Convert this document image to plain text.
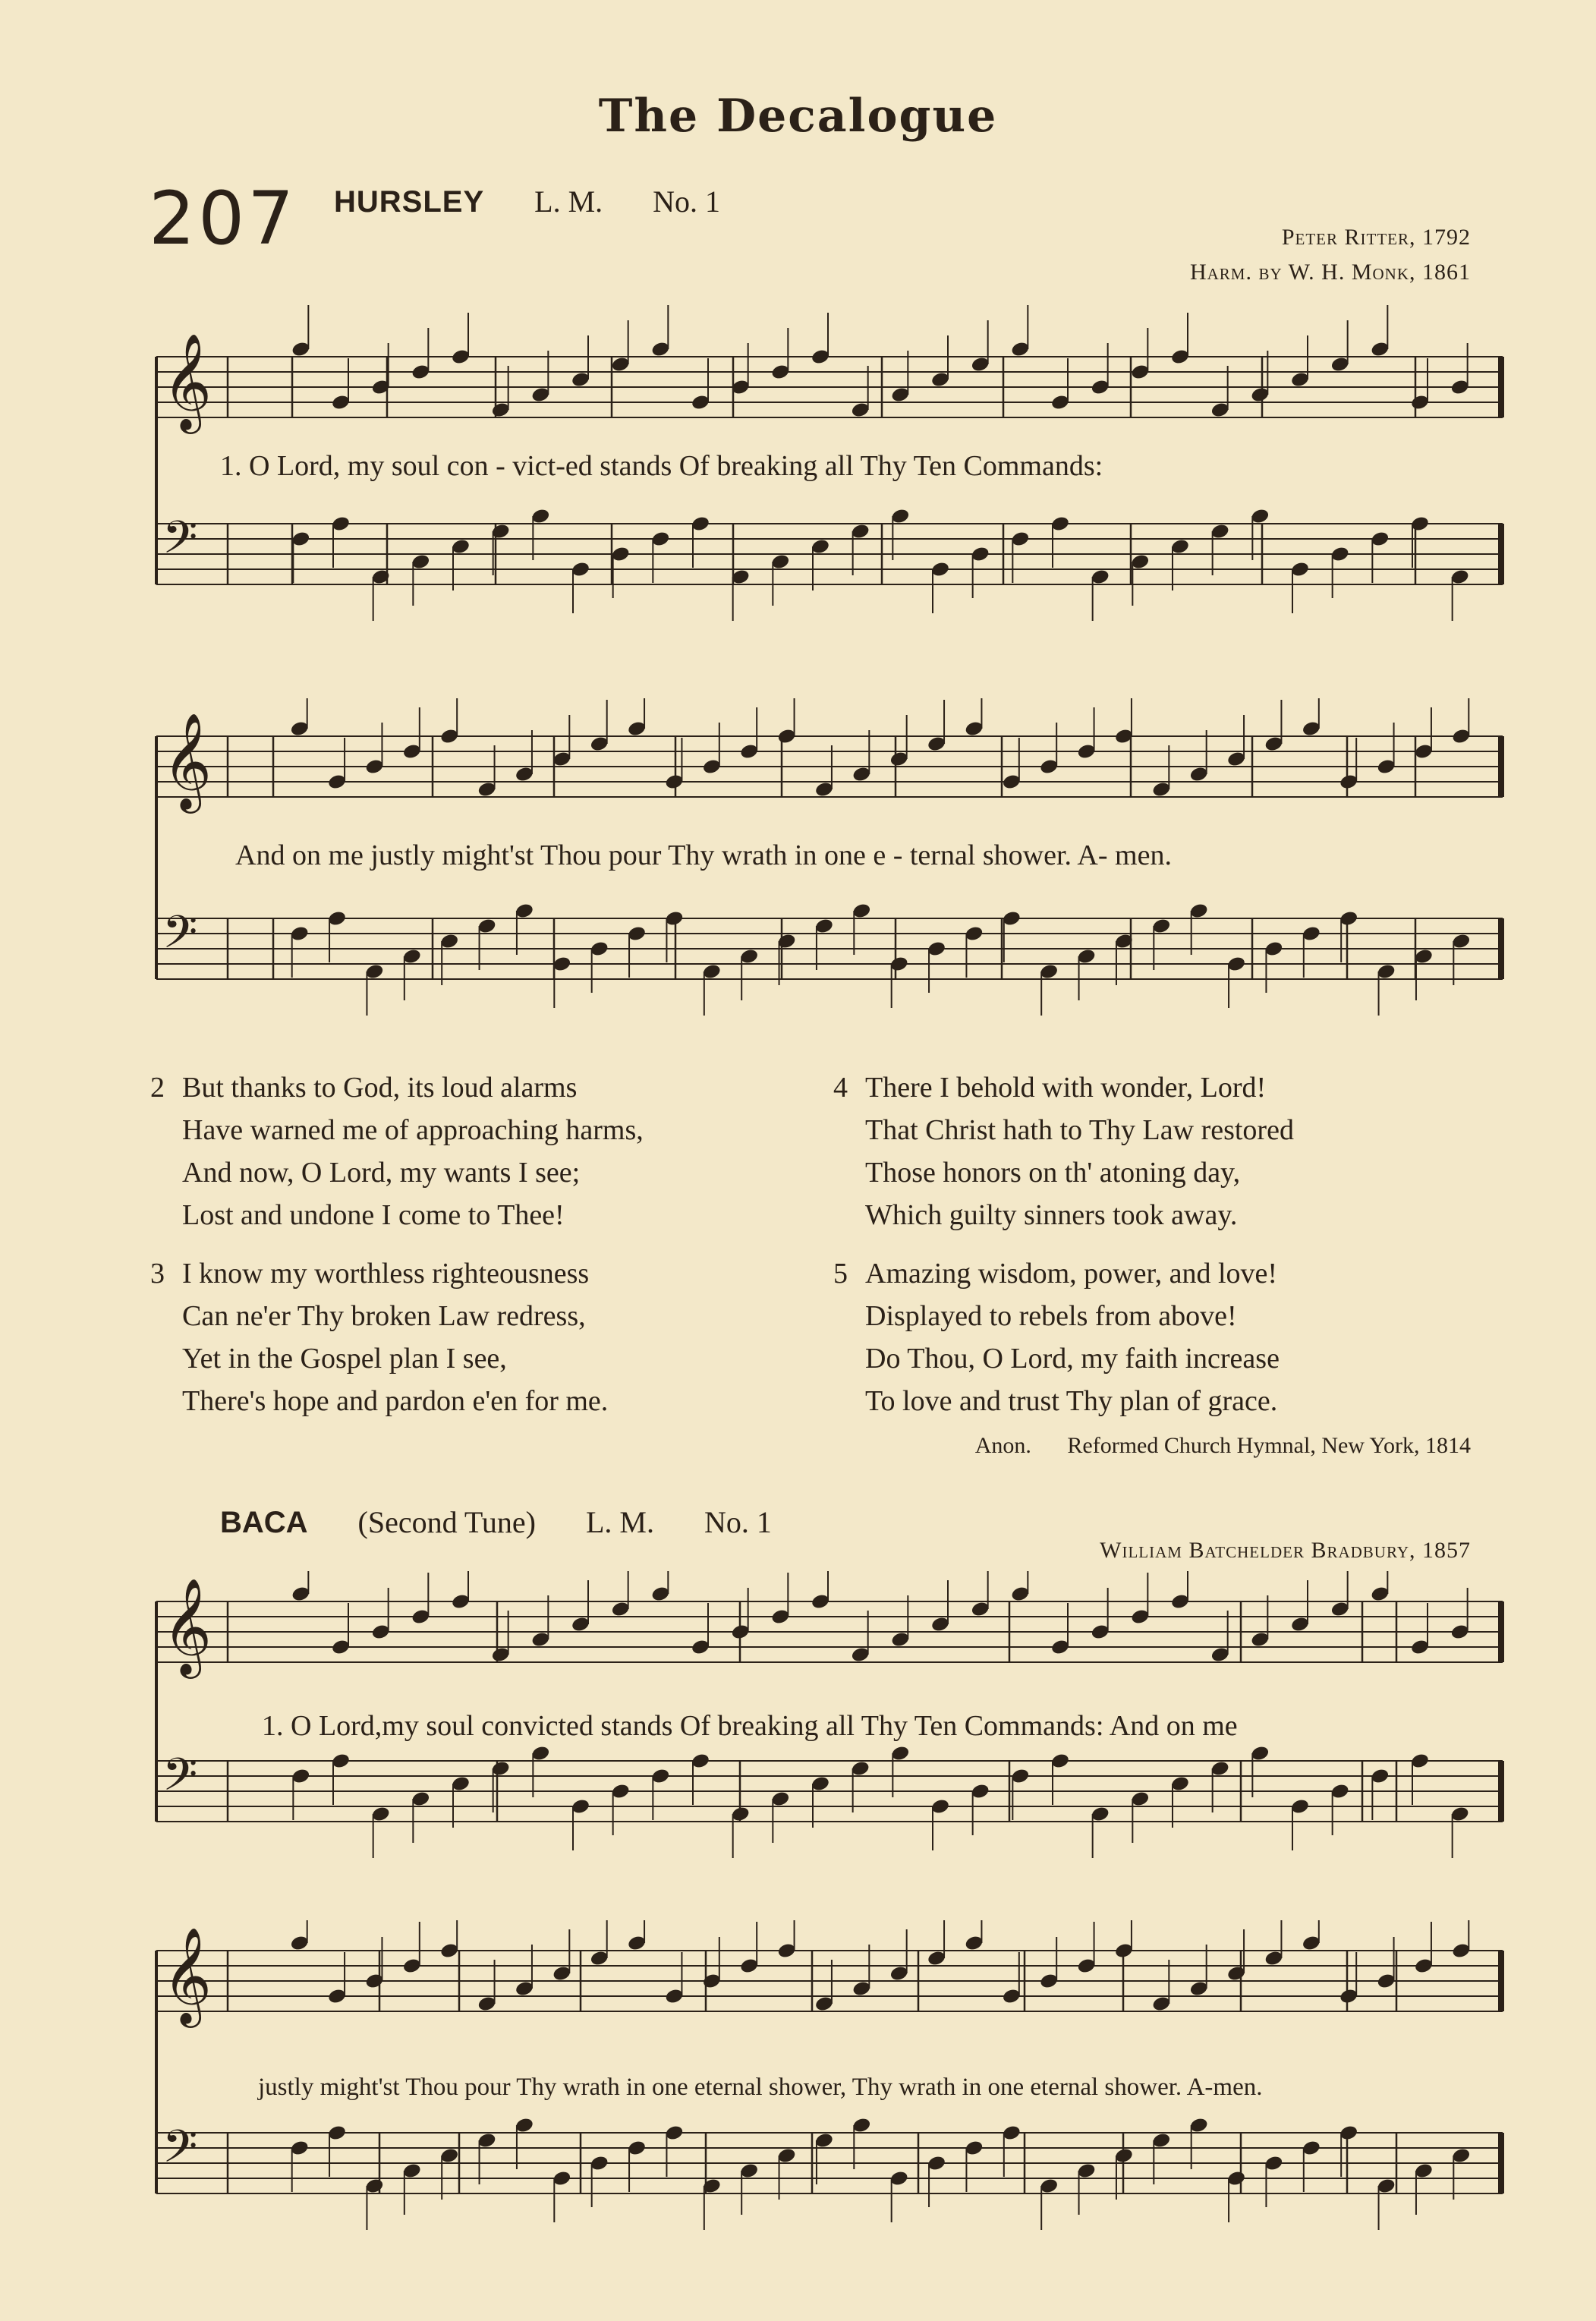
The Decalogue
207 HURSLEY L. M. No. 1
Peter Ritter, 1792
Harm. by W. H. Monk, 1861
𝄞
𝄢
1. O Lord, my soul con - vict-ed stands Of breaking all Thy Ten Commands:
𝄞
𝄢
And on me justly might'st Thou pour Thy wrath in one e - ternal shower. A- men.
2 But thanks to God, its loud alarms
Have warned me of approaching harms,
And now, O Lord, my wants I see;
Lost and undone I come to Thee!
3 I know my worthless righteousness
Can ne'er Thy broken Law redress,
Yet in the Gospel plan I see,
There's hope and pardon e'en for me.
4 There I behold with wonder, Lord!
That Christ hath to Thy Law restored
Those honors on th' atoning day,
Which guilty sinners took away.
5 Amazing wisdom, power, and love!
Displayed to rebels from above!
Do Thou, O Lord, my faith increase
To love and trust Thy plan of grace.
Anon. Reformed Church Hymnal, New York, 1814
BACA (Second Tune) L. M. No. 1
William Batchelder Bradbury, 1857
𝄞
𝄢
1. O Lord,my soul convicted stands Of breaking all Thy Ten Commands: And on me
𝄞
𝄢
justly might'st Thou pour Thy wrath in one eternal shower, Thy wrath in one eternal shower. A-men.
